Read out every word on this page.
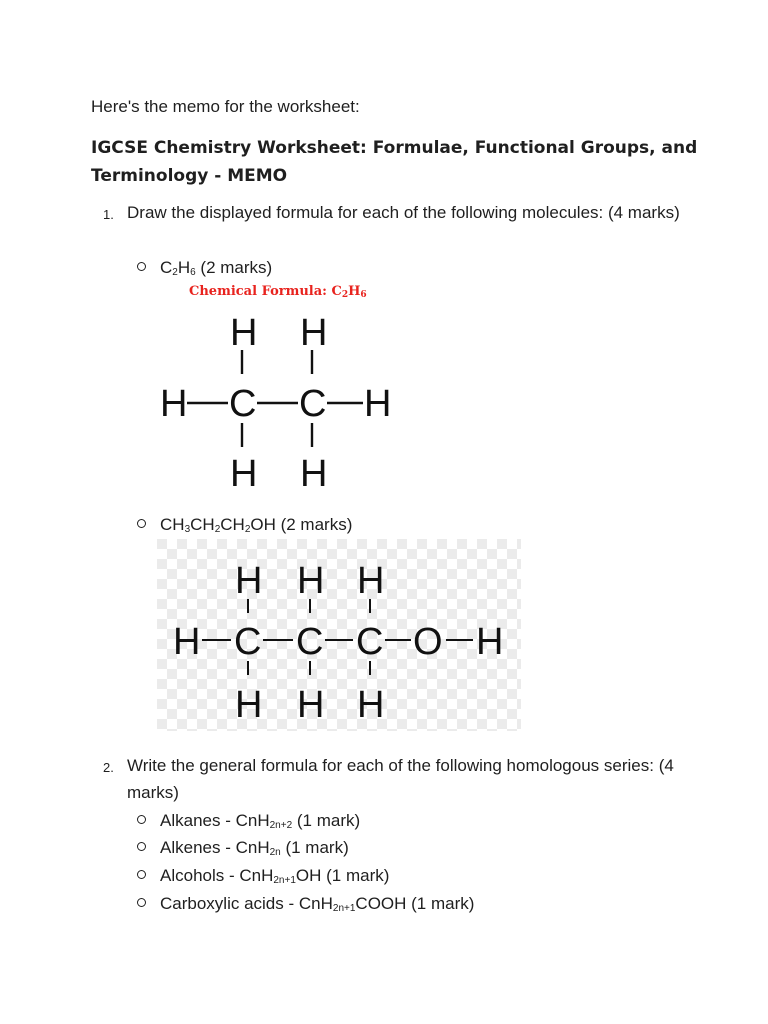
Here's the memo for the worksheet:
IGCSE Chemistry Worksheet: Formulae, Functional Groups, and Terminology - MEMO
1. Draw the displayed formula for each of the following molecules: (4 marks)
$C_2H_6$ (2 marks)
Chemical Formula: $C_2H_6$
H H
H C C H
H H
$CH_3CH_2CH_2OH$ (2 marks)
H H H
H C C C O H
H H H
2. Write the general formula for each of the following homologous series: (4 marks)
Alkanes - CnH$_{2n+2}$ (1 mark)
Alkenes - CnH$_{2n}$ (1 mark)
Alcohols - CnH$_{2n+1}$OH (1 mark)
Carboxylic acids - CnH$_{2n+1}$COOH (1 mark)
